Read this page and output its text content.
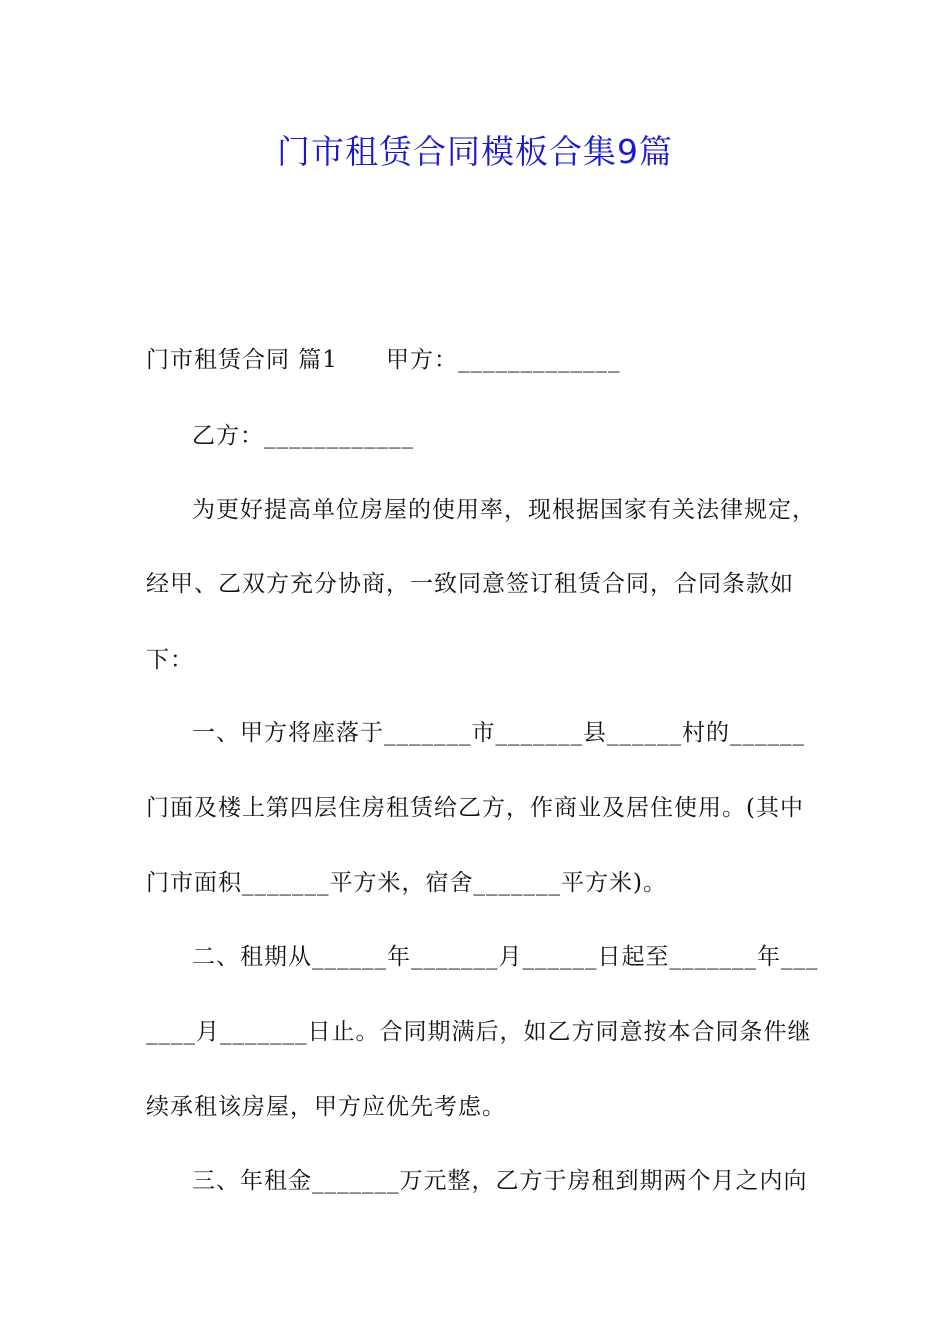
门市租赁合同模板合集9篇
门市租赁合同 篇1　　甲方：_____________
乙方：____________
为更好提高单位房屋的使用率，现根据国家有关法律规定，
经甲、乙双方充分协商，一致同意签订租赁合同，合同条款如
下：
一、甲方将座落于_______市_______县______村的______
门面及楼上第四层住房租赁给乙方，作商业及居住使用。(其中
门市面积_______平方米，宿舍_______平方米)。
二、租期从______年_______月______日起至_______年___
____月_______日止。合同期满后，如乙方同意按本合同条件继
续承租该房屋，甲方应优先考虑。
三、年租金_______万元整，乙方于房租到期两个月之内向
